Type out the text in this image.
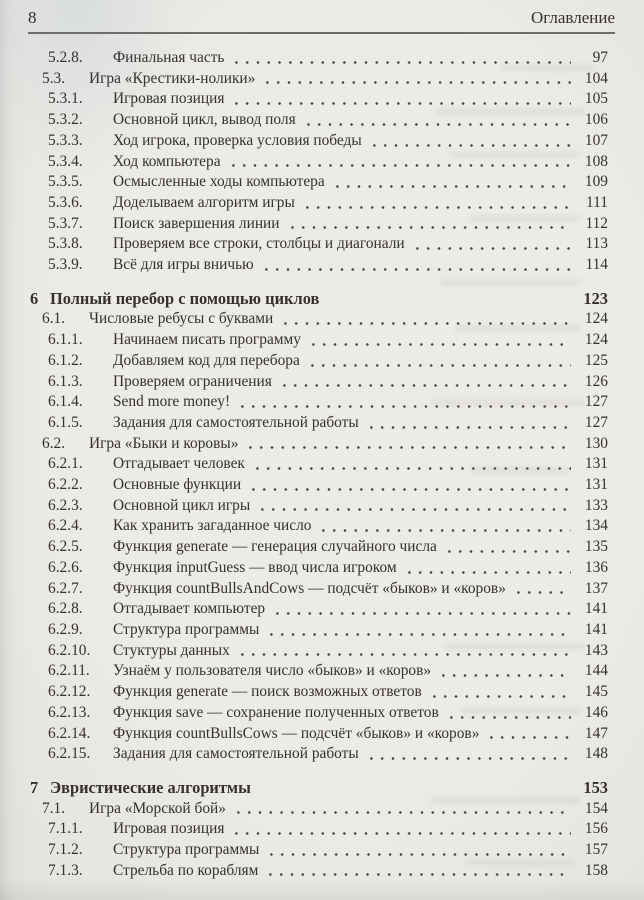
8	Оглавление
5.2.8.	Финальная часть	97
5.3.	Игра «Крестики-нолики»	104
5.3.1.	Игровая позиция	105
5.3.2.	Основной цикл, вывод поля	106
5.3.3.	Ход игрока, проверка условия победы	107
5.3.4.	Ход компьютера	108
5.3.5.	Осмысленные ходы компьютера	109
5.3.6.	Доделываем алгоритм игры	111
5.3.7.	Поиск завершения линии	112
5.3.8.	Проверяем все строки, столбцы и диагонали	113
5.3.9.	Всё для игры вничью	114
6 Полный перебор с помощью циклов	123
6.1.	Числовые ребусы с буквами	124
6.1.1.	Начинаем писать программу	124
6.1.2.	Добавляем код для перебора	125
6.1.3.	Проверяем ограничения	126
6.1.4.	Send more money!	127
6.1.5.	Задания для самостоятельной работы	127
6.2.	Игра «Быки и коровы»	130
6.2.1.	Отгадывает человек	131
6.2.2.	Основные функции	131
6.2.3.	Основной цикл игры	133
6.2.4.	Как хранить загаданное число	134
6.2.5.	Функция generate — генерация случайного числа	135
6.2.6.	Функция inputGuess — ввод числа игроком	136
6.2.7.	Функция countBullsAndCows — подсчёт «быков» и «коров»	137
6.2.8.	Отгадывает компьютер	141
6.2.9.	Структура программы	141
6.2.10.	Стуктуры данных	143
6.2.11.	Узнаём у пользователя число «быков» и «коров»	144
6.2.12.	Функция generate — поиск возможных ответов	145
6.2.13.	Функция save — сохранение полученных ответов	146
6.2.14.	Функция countBullsCows — подсчёт «быков» и «коров»	147
6.2.15.	Задания для самостоятельной работы	148
7 Эвристические алгоритмы	153
7.1.	Игра «Морской бой»	154
7.1.1.	Игровая позиция	156
7.1.2.	Структура программы	157
7.1.3.	Стрельба по кораблям	158
